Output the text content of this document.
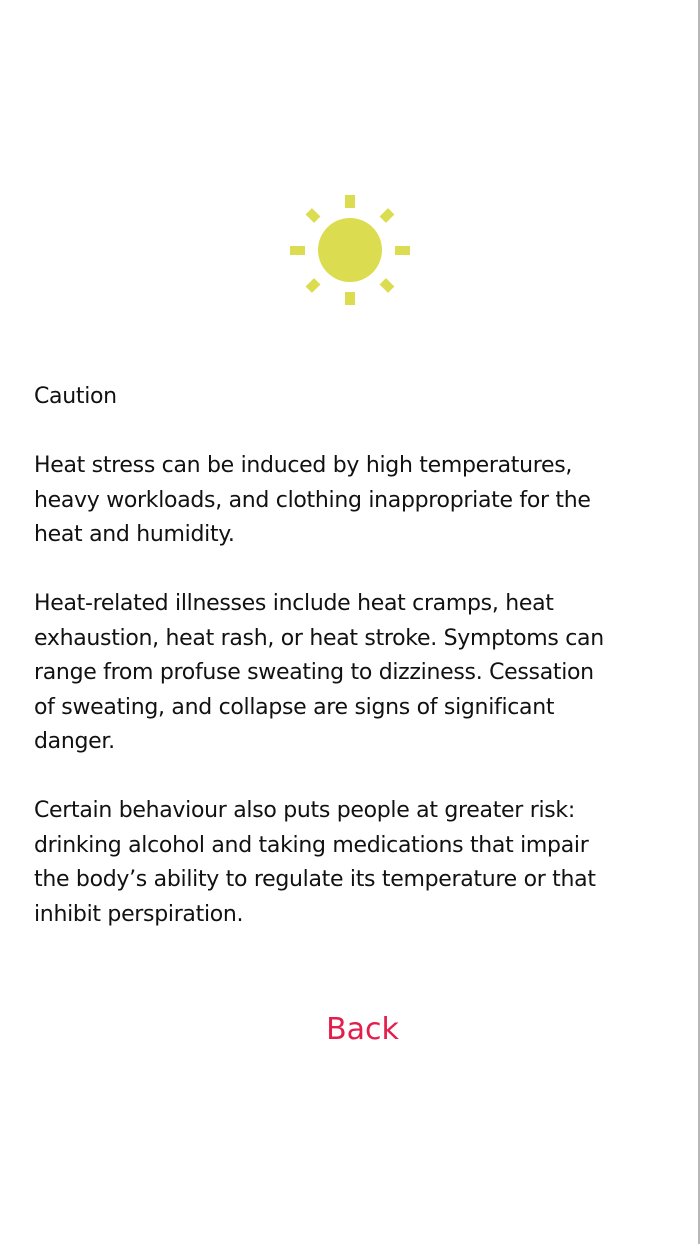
Caution

Heat stress can be induced by high temperatures,
heavy workloads, and clothing inappropriate for the
heat and humidity.

Heat-related illnesses include heat cramps, heat
exhaustion, heat rash, or heat stroke. Symptoms can
range from profuse sweating to dizziness. Cessation
of sweating, and collapse are signs of significant
danger.

Certain behaviour also puts people at greater risk:
drinking alcohol and taking medications that impair
the body’s ability to regulate its temperature or that
inhibit perspiration.

Back
